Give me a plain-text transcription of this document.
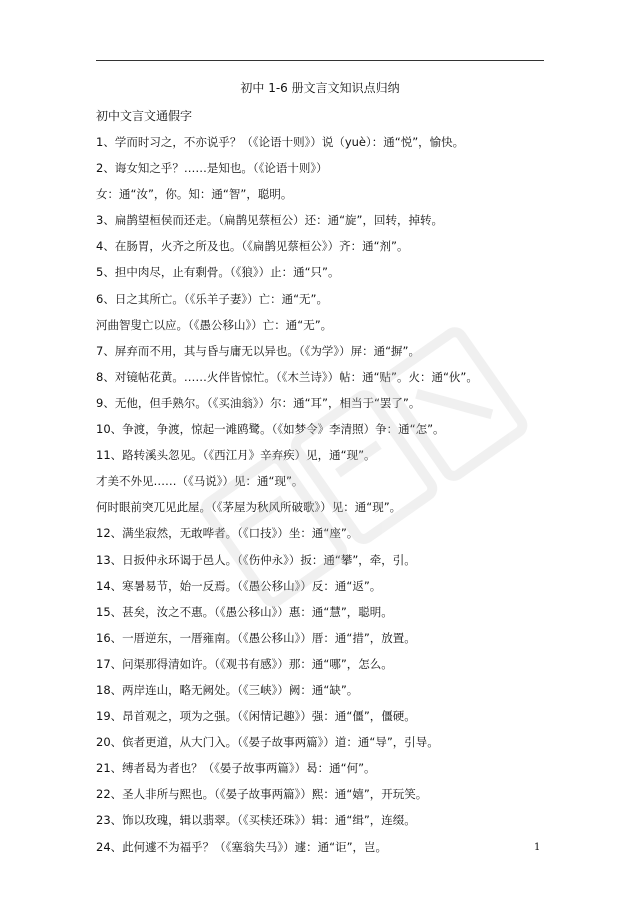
初中 1-6 册文言文知识点归纳
初中文言文通假字
1、学而时习之，不亦说乎？（《论语十则》）说（yuè）：通“悦”，愉快。
2、诲女知之乎？……是知也。（《论语十则》）
女：通“汝”，你。知：通“智”，聪明。
3、扁鹊望桓侯而还走。（扁鹊见蔡桓公）还：通“旋”，回转，掉转。
4、在肠胃，火齐之所及也。（《扁鹊见蔡桓公》）齐：通“剂”。
5、担中肉尽，止有剩骨。（《狼》）止：通“只”。
6、日之其所亡。（《乐羊子妻》）亡：通“无”。
河曲智叟亡以应。（《愚公移山》）亡：通“无”。
7、屏弃而不用，其与昏与庸无以异也。（《为学》）屏：通“摒”。
8、对镜帖花黄。……火伴皆惊忙。（《木兰诗》）帖：通“贴”。火：通“伙”。
9、无他，但手熟尔。（《买油翁》）尔：通“耳”，相当于“罢了”。
10、争渡，争渡，惊起一滩鸥鹭。（《如梦令》李清照）争：通“怎”。
11、路转溪头忽见。（《西江月》辛弃疾）见，通“现”。
才美不外见……（《马说》）见：通“现”。
何时眼前突兀见此屋。（《茅屋为秋风所破歌》）见：通“现”。
12、满坐寂然，无敢哗者。（《口技》）坐：通“座”。
13、日扳仲永环谒于邑人。（《伤仲永》）扳：通“攀”，牵，引。
14、寒暑易节，始一反焉。（《愚公移山》）反：通“返”。
15、甚矣，汝之不惠。（《愚公移山》）惠：通“慧”，聪明。
16、一厝逆东，一厝雍南。（《愚公移山》）厝：通“措”，放置。
17、问渠那得清如许。（《观书有感》）那：通“哪”，怎么。
18、两岸连山，略无阙处。（《三峡》）阙：通“缺”。
19、昂首观之，项为之强。（《闲情记趣》）强：通“僵”，僵硬。
20、傧者更道，从大门入。（《晏子故事两篇》）道：通“导”，引导。
21、缚者曷为者也？（《晏子故事两篇》）曷：通“何”。
22、圣人非所与熙也。（《晏子故事两篇》）熙：通“嬉”，开玩笑。
23、饰以玫瑰，辑以翡翠。（《买椟还珠》）辑：通“缉”，连缀。
24、此何遽不为福乎？（《塞翁失马》）遽：通“讵”，岂。	1
